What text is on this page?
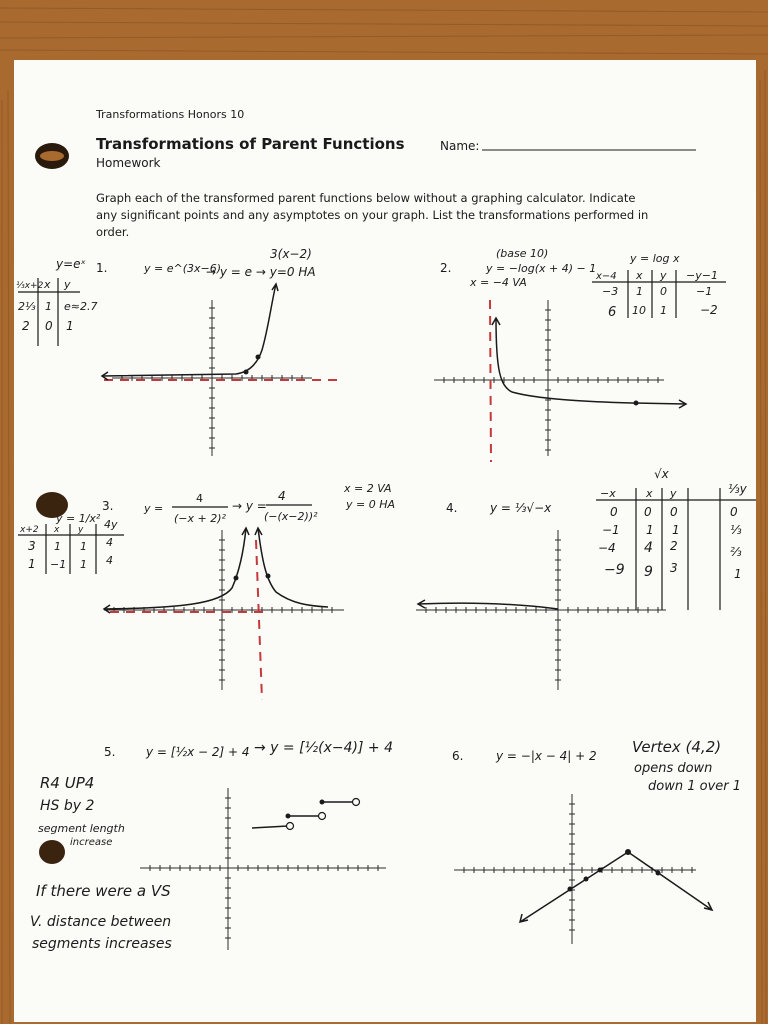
Transformations Honors 10
Transformations of Parent Functions
Homework
Name:
Graph each of the transformed parent functions below without a graphing calculator. Indicate
any significant points and any asymptotes on your graph. List the transformations performed in
order.
1.	y = e^(3x−6)
3(x−2)
→ y = e → y=0 HA
y=eˣ
⅓x+2 x y
2⅓ 1 e≈2.7
2 0 1
2.	y = −log(x + 4) − 1
(base 10)
x = −4 VA
y = log x
x−4 x y −y−1
−3 1 0	−1
6 10 1	−2
3.	y =
4
(−x + 2)²
→ y =
4
(−(x−2))²
x = 2 VA
y = 0 HA
y = 1/x²
x+2 x y 4y
3 1 1 4
1 −1 1 4
4.	y = ⅓√−x
√x
−x	x y	⅓y
0 0 0	0
−1 1 1	⅓
−4 4 2	⅔
−9 9 3	1
5.	y = [½x − 2] + 4 → y = [½(x−4)] + 4
R4 UP4
HS by 2
segment length
increase
If there were a VS
V. distance between
segments increases
6.	y = −|x − 4| + 2 Vertex (4,2)
opens down
down 1 over 1
